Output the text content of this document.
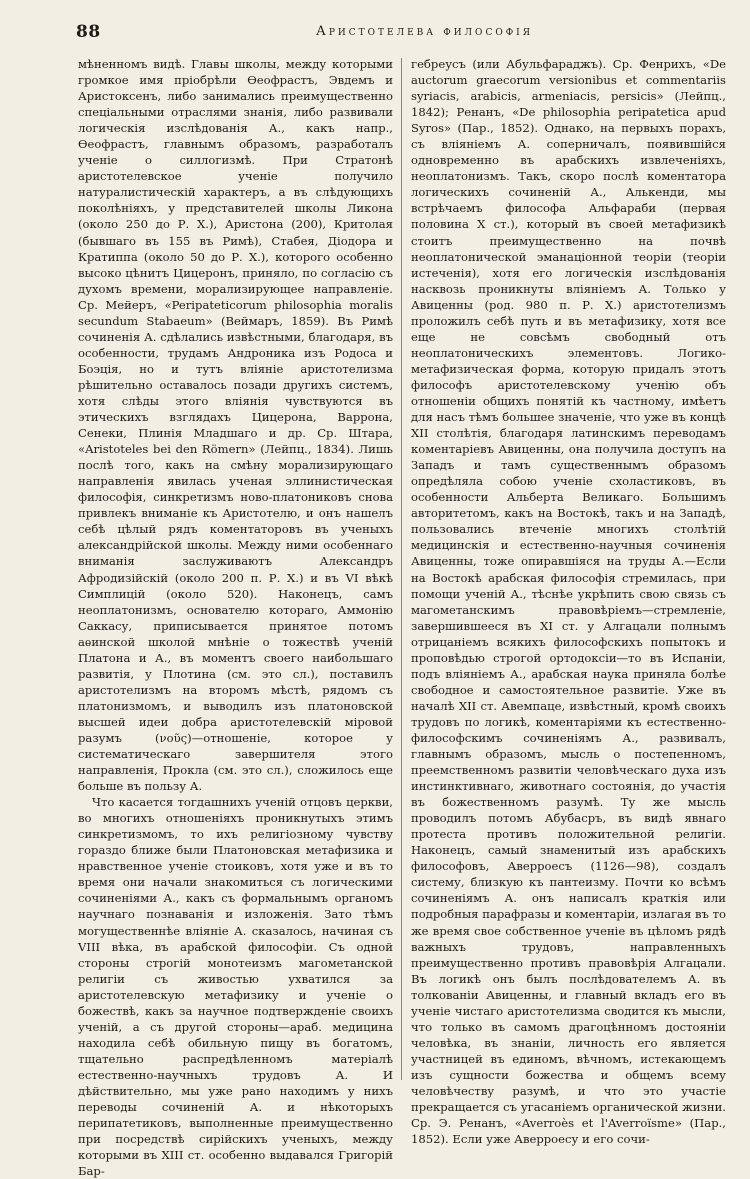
88	Аристотелева философія

мѣненномъ видѣ. Главы школы, между которыми громкое имя пріобрѣли Ѳеофрастъ, Эвдемъ и Аристоксенъ, либо занимались преимущественно спеціальными отраслями знанія, либо развивали логическія изслѣдованія А., какъ напр., Ѳеофрастъ, главнымъ образомъ, разработалъ ученіе о силлогизмѣ. При Стратонѣ аристотелевское ученіе получило натуралистическій характеръ, а въ слѣдующихъ поколѣніяхъ, у представителей школы Ликона (около 250 до Р. Х.), Аристона (200), Критолая (бывшаго въ 155 въ Римѣ), Стабея, Діодора и Кратиппа (около 50 до Р. Х.), которого особенно высоко цѣнитъ Цицеронъ, приняло, по согласію съ духомъ времени, морализирующее направленіе. Ср. Мейеръ, «Peripateticorum philosophia moralis secundum Stabaeum» (Веймаръ, 1859). Въ Римѣ сочиненія А. сдѣлались извѣстными, благодаря, въ особенности, трудамъ Андроника изъ Родоса и Боэція, но и тутъ вліяніе аристотелизма рѣшительно оставалось позади другихъ системъ, хотя слѣды этого вліянія чувствуются въ этическихъ взглядахъ Цицерона, Варрона, Сенеки, Плинія Младшаго и др. Ср. Штара, «Aristoteles bei den Römern» (Лейпц., 1834). Лишь послѣ того, какъ на смѣну морализирующаго направленія явилась ученая эллинистическая философія, синкретизмъ ново-платониковъ снова привлекъ вниманіе къ Аристотелю, и онъ нашелъ себѣ цѣлый рядъ коментаторовъ въ ученыхъ александрійской школы. Между ними особеннаго вниманія заслуживаютъ Александръ Афродизійскій (около 200 п. Р. Х.) и въ VI вѣкѣ Симплицій (около 520). Наконецъ, самъ неоплатонизмъ, основателю котораго, Аммонію Саккасу, приписывается принятое потомъ аѳинской школой мнѣніе о тожествѣ ученій Платона и А., въ моментъ своего наибольшаго развитія, у Плотина (см. это сл.), поставилъ аристотелизмъ на второмъ мѣстѣ, рядомъ съ платонизмомъ, и выводилъ изъ платоновской высшей идеи добра аристотелевскій міровой разумъ (νοῦς)—отношеніе, которое у систематическаго завершителя этого направленія, Прокла (см. это сл.), сложилось еще больше въ пользу А.

Что касается тогдашнихъ ученій отцовъ церкви, во многихъ отношеніяхъ проникнутыхъ этимъ синкретизмомъ, то ихъ религіозному чувству гораздо ближе были Платоновская метафизика и нравственное ученіе стоиковъ, хотя уже и въ то время они начали знакомиться съ логическими сочиненіями А., какъ съ формальнымъ органомъ научнаго познаванія и изложенія. Зато тѣмъ могущественнѣе вліяніе А. сказалось, начиная съ VIII вѣка, въ арабской философіи. Съ одной стороны строгій монотеизмъ магометанской религіи съ живостью ухватился за аристотелевскую метафизику и ученіе о божествѣ, какъ за научное подтвержденіе своихъ ученій, а съ другой стороны—араб. медицина находила себѣ обильную пищу въ богатомъ, тщательно распредѣленномъ матеріалѣ естественно-научныхъ трудовъ А. И дѣйствительно, мы уже рано находимъ у нихъ переводы сочиненій А. и нѣкоторыхъ перипатетиковъ, выполненные преимущественно при посредствѣ сирійскихъ ученыхъ, между которыми въ XIII ст. особенно выдавался Григорій Бар-

гебреусъ (или Абульфараджъ). Ср. Фенрихъ, «De auctorum graecorum versionibus et commentariis syriacis, arabicis, armeniacis, persicis» (Лейпц., 1842); Ренанъ, «De philosophia peripatetica apud Syros» (Пар., 1852). Однако, на первыхъ порахъ, съ вліяніемъ А. соперничалъ, появившійся одновременно въ арабскихъ извлеченіяхъ, неоплатонизмъ. Такъ, скоро послѣ коментатора логическихъ сочиненій А., Алькенди, мы встрѣчаемъ философа Альфараби (первая половина X ст.), который въ своей метафизикѣ стоитъ преимущественно на почвѣ неоплатонической эманаціонной теоріи (теоріи истеченія), хотя его логическія изслѣдованія насквозь проникнуты вліяніемъ А. Только у Авиценны (род. 980 п. Р. Х.) аристотелизмъ проложилъ себѣ путь и въ метафизику, хотя все еще не совсѣмъ свободный отъ неоплатоническихъ элементовъ. Логико-метафизическая форма, которую придалъ этотъ философъ аристотелевскому ученію объ отношеніи общихъ понятій къ частному, имѣетъ для насъ тѣмъ большее значеніе, что уже въ концѣ XII столѣтія, благодаря латинскимъ переводамъ коментаріевъ Авиценны, она получила доступъ на Западъ и тамъ существеннымъ образомъ опредѣляла собою ученіе схоластиковъ, въ особенности Альберта Великаго. Большимъ авторитетомъ, какъ на Востокѣ, такъ и на Западѣ, пользовались втеченіе многихъ столѣтій медицинскія и естественно-научныя сочиненія Авиценны, тоже опиравшіяся на труды А.—Если на Востокѣ арабская философія стремилась, при помощи ученій А., тѣснѣе укрѣпить свою связь съ магометанскимъ правовѣріемъ—стремленіе, завершившееся въ XI ст. у Алгацали полнымъ отрицаніемъ всякихъ философскихъ попытокъ и проповѣдью строгой ортодоксіи—то въ Испаніи, подъ вліяніемъ А., арабская наука приняла болѣе свободное и самостоятельное развитіе. Уже въ началѣ XII ст. Авемпаце, извѣстный, кромѣ своихъ трудовъ по логикѣ, коментаріями къ естественно-философскимъ сочиненіямъ А., развивалъ, главнымъ образомъ, мысль о постепенномъ, преемственномъ развитіи человѣческаго духа изъ инстинктивнаго, животнаго состоянія, до участія въ божественномъ разумѣ. Ту же мысль проводилъ потомъ Абубасръ, въ видѣ явнаго протеста противъ положительной религіи. Наконецъ, самый знаменитый изъ арабскихъ философовъ, Аверроесъ (1126—98), создалъ систему, близкую къ пантеизму. Почти ко всѣмъ сочиненіямъ А. онъ написалъ краткія или подробныя парафразы и коментаріи, излагая въ то же время свое собственное ученіе въ цѣломъ рядѣ важныхъ трудовъ, направленныхъ преимущественно противъ правовѣрія Алгацали. Въ логикѣ онъ былъ послѣдователемъ А. въ толкованіи Авиценны, и главный вкладъ его въ ученіе чистаго аристотелизма сводится къ мысли, что только въ самомъ драгоцѣнномъ достояніи человѣка, въ знаніи, личность его является участницей въ единомъ, вѣчномъ, истекающемъ изъ сущности божества и общемъ всему человѣчеству разумѣ, и что это участіе прекращается съ угасаніемъ органической жизни. Ср. Э. Ренанъ, «Averroès et l'Averroïsme» (Пар., 1852). Если уже Аверроесу и его сочи-
